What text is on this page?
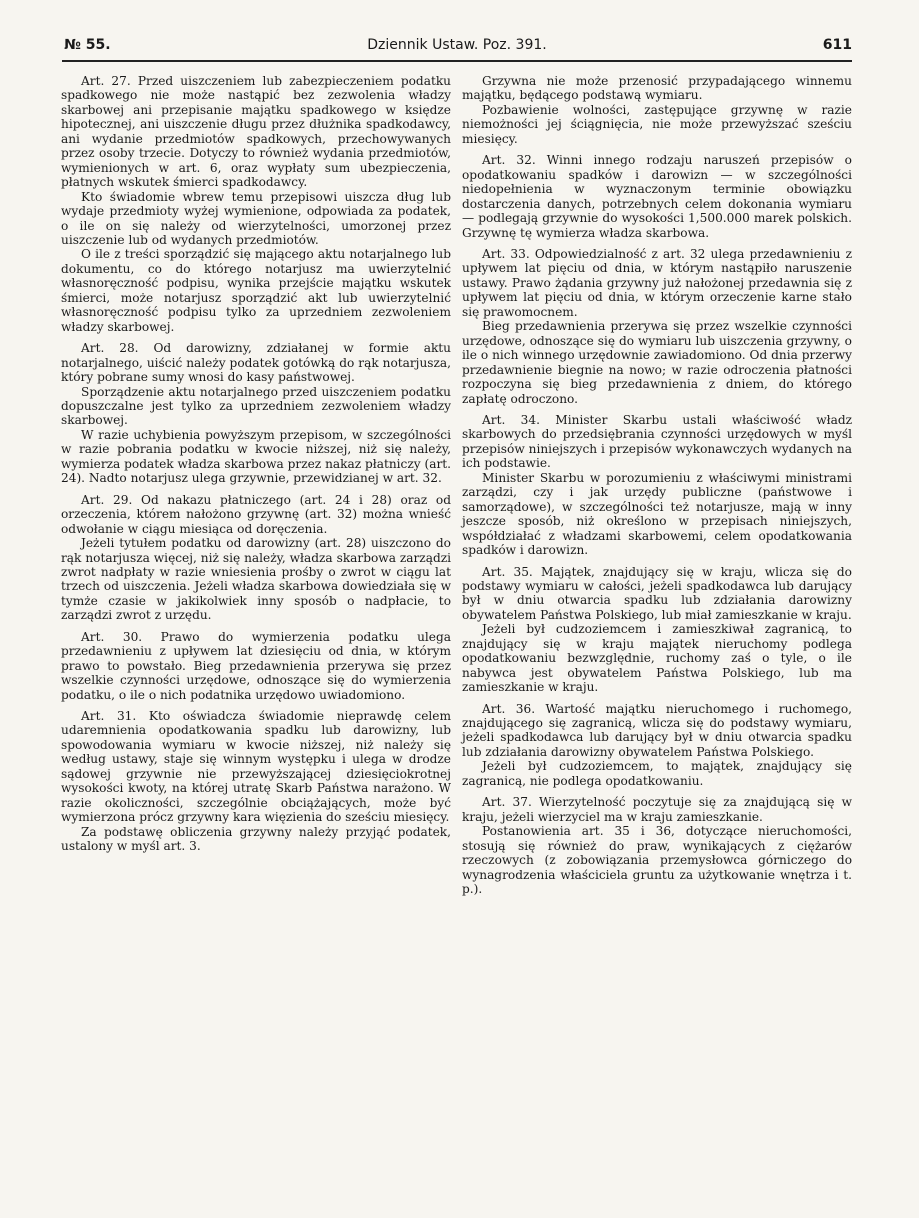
№ 55.	Dziennik Ustaw. Poz. 391.	611

Art. 27. Przed uiszczeniem lub zabezpieczeniem podatku spadkowego nie może nastąpić bez zezwolenia władzy skarbowej ani przepisanie majątku spadkowego w księdze hipotecznej, ani uiszczenie długu przez dłużnika spadkodawcy, ani wydanie przedmiotów spadkowych, przechowywanych przez osoby trzecie. Dotyczy to również wydania przedmiotów, wymienionych w art. 6, oraz wypłaty sum ubezpieczenia, płatnych wskutek śmierci spadkodawcy.

Kto świadomie wbrew temu przepisowi uiszcza dług lub wydaje przedmioty wyżej wymienione, odpowiada za podatek, o ile on się należy od wierzytelności, umorzonej przez uiszczenie lub od wydanych przedmiotów.

O ile z treści sporządzić się mającego aktu notarjalnego lub dokumentu, co do którego notarjusz ma uwierzytelnić własnoręczność podpisu, wynika przejście majątku wskutek śmierci, może notarjusz sporządzić akt lub uwierzytelnić własnoręczność podpisu tylko za uprzedniem zezwoleniem władzy skarbowej.

Art. 28. Od darowizny, zdziałanej w formie aktu notarjalnego, uiścić należy podatek gotówką do rąk notarjusza, który pobrane sumy wnosi do kasy państwowej.

Sporządzenie aktu notarjalnego przed uiszczeniem podatku dopuszczalne jest tylko za uprzedniem zezwoleniem władzy skarbowej.

W razie uchybienia powyższym przepisom, w szczególności w razie pobrania podatku w kwocie niższej, niż się należy, wymierza podatek władza skarbowa przez nakaz płatniczy (art. 24). Nadto notarjusz ulega grzywnie, przewidzianej w art. 32.

Art. 29. Od nakazu płatniczego (art. 24 i 28) oraz od orzeczenia, którem nałożono grzywnę (art. 32) można wnieść odwołanie w ciągu miesiąca od doręczenia.

Jeżeli tytułem podatku od darowizny (art. 28) uiszczono do rąk notarjusza więcej, niż się należy, władza skarbowa zarządzi zwrot nadpłaty w razie wniesienia prośby o zwrot w ciągu lat trzech od uiszczenia. Jeżeli władza skarbowa dowiedziała się w tymże czasie w jakikolwiek inny sposób o nadpłacie, to zarządzi zwrot z urzędu.

Art. 30. Prawo do wymierzenia podatku ulega przedawnieniu z upływem lat dziesięciu od dnia, w którym prawo to powstało. Bieg przedawnienia przerywa się przez wszelkie czynności urzędowe, odnoszące się do wymierzenia podatku, o ile o nich podatnika urzędowo uwiadomiono.

Art. 31. Kto oświadcza świadomie nieprawdę celem udaremnienia opodatkowania spadku lub darowizny, lub spowodowania wymiaru w kwocie niższej, niż należy się według ustawy, staje się winnym występku i ulega w drodze sądowej grzywnie nie przewyższającej dziesięciokrotnej wysokości kwoty, na której utratę Skarb Państwa narażono. W razie okoliczności, szczególnie obciążających, może być wymierzona prócz grzywny kara więzienia do sześciu miesięcy.

Za podstawę obliczenia grzywny należy przyjąć podatek, ustalony w myśl art. 3.

Grzywna nie może przenosić przypadającego winnemu majątku, będącego podstawą wymiaru.

Pozbawienie wolności, zastępujące grzywnę w razie niemożności jej ściągnięcia, nie może przewyższać sześciu miesięcy.

Art. 32. Winni innego rodzaju naruszeń przepisów o opodatkowaniu spadków i darowizn — w szczególności niedopełnienia w wyznaczonym terminie obowiązku dostarczenia danych, potrzebnych celem dokonania wymiaru — podlegają grzywnie do wysokości 1,500.000 marek polskich. Grzywnę tę wymierza władza skarbowa.

Art. 33. Odpowiedzialność z art. 32 ulega przedawnieniu z upływem lat pięciu od dnia, w którym nastąpiło naruszenie ustawy. Prawo żądania grzywny już nałożonej przedawnia się z upływem lat pięciu od dnia, w którym orzeczenie karne stało się prawomocnem.

Bieg przedawnienia przerywa się przez wszelkie czynności urzędowe, odnoszące się do wymiaru lub uiszczenia grzywny, o ile o nich winnego urzędownie zawiadomiono. Od dnia przerwy przedawnienie biegnie na nowo; w razie odroczenia płatności rozpoczyna się bieg przedawnienia z dniem, do którego zapłatę odroczono.

Art. 34. Minister Skarbu ustali właściwość władz skarbowych do przedsiębrania czynności urzędowych w myśl przepisów niniejszych i przepisów wykonawczych wydanych na ich podstawie.

Minister Skarbu w porozumieniu z właściwymi ministrami zarządzi, czy i jak urzędy publiczne (państwowe i samorządowe), w szczególności też notarjusze, mają w inny jeszcze sposób, niż określono w przepisach niniejszych, współdziałać z władzami skarbowemi, celem opodatkowania spadków i darowizn.

Art. 35. Majątek, znajdujący się w kraju, wlicza się do podstawy wymiaru w całości, jeżeli spadkodawca lub darujący był w dniu otwarcia spadku lub zdziałania darowizny obywatelem Państwa Polskiego, lub miał zamieszkanie w kraju.

Jeżeli był cudzoziemcem i zamieszkiwał zagranicą, to znajdujący się w kraju majątek nieruchomy podlega opodatkowaniu bezwzględnie, ruchomy zaś o tyle, o ile nabywca jest obywatelem Państwa Polskiego, lub ma zamieszkanie w kraju.

Art. 36. Wartość majątku nieruchomego i ruchomego, znajdującego się zagranicą, wlicza się do podstawy wymiaru, jeżeli spadkodawca lub darujący był w dniu otwarcia spadku lub zdziałania darowizny obywatelem Państwa Polskiego.

Jeżeli był cudzoziemcem, to majątek, znajdujący się zagranicą, nie podlega opodatkowaniu.

Art. 37. Wierzytelność poczytuje się za znajdującą się w kraju, jeżeli wierzyciel ma w kraju zamieszkanie.

Postanowienia art. 35 i 36, dotyczące nieruchomości, stosują się również do praw, wynikających z ciężarów rzeczowych (z zobowiązania przemysłowca górniczego do wynagrodzenia właściciela gruntu za użytkowanie wnętrza i t. p.).
